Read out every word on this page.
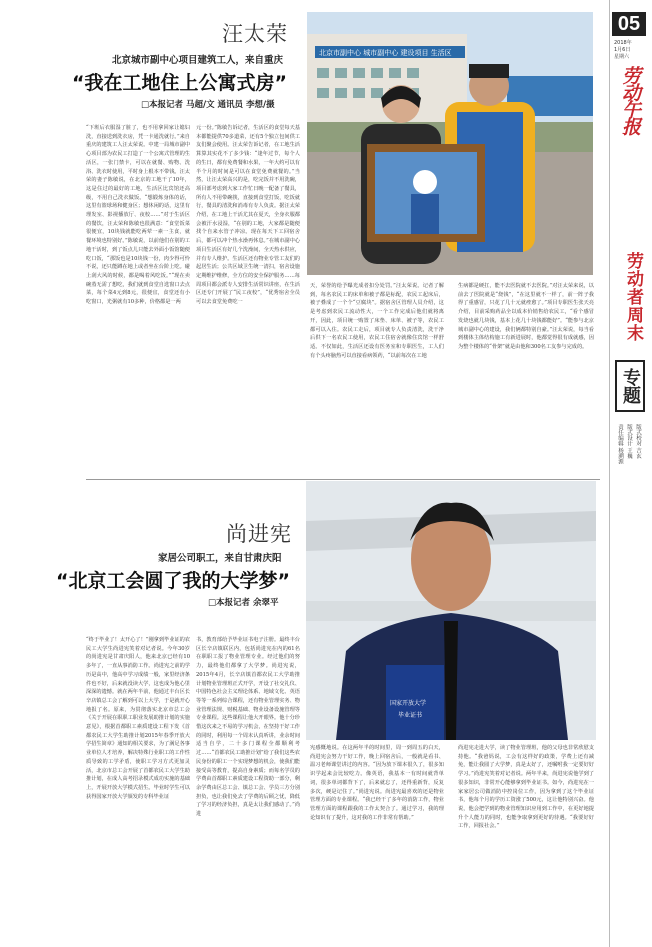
05
2018年
1月6日
星期六
劳动午报
劳动者周末
专题
责任编辑 杨溯源 版式设计 王巍 版式校对 吉玄
汪太荣
北京城市副中心项目建筑工人，来自重庆
“我在工地住上公寓式房”
□本报记者 马超/文 通讯员 李想/摄
北京市副中心 城市副中心 建设项目 生活区
“下班后衣服湿了脏了，也不用拿回家让媳妇洗，直接送到洗衣房，凭一卡通洗就行。”来自重庆的建筑工人汪太荣说。中建一局城市副中心项目部为农民工打造了一个公寓式管理的生活区，一张门禁卡，可以在就餐、购物、洗浴、洗衣时使用，平时身上根本不带钱。汪太荣的妻子陈敏说，在北京的工地干了10年，这是住过的最好的工地，生活区比宾馆还高级，不用自己洗衣做饭。“想锻炼身体的话，这里有篮球场和健身区；想休闲的话，这里有理发室、影视播放厅、夜校……”对于生活区的餐饮，汪太荣和陈敏也很满意：“食堂饭菜很便宜，10块钱就能吃两荤一素一主食，就餐环境也特别好。”陈敏说，以前他们在别的工地干活时，到了饭点儿只能去外面小饭馆随便吃口饭，“那饭也是10块钱一份，肉少得可怜不说，还只能蹲在地上或者坐在台阶上吃。碰上刮大风的时候，都是喝着风吃饭。”“现在卖碗蒸无需了想吃，我们就到食堂自选窗口去点菜，每个菜4元到8元，很便宜，食堂还有小吃窗口，光粥就有10多种，价格都是一两
元一份。”陈敏告诉记者，生活区的食堂每天基本都能提供70多道菜，还有5个独立包间供工友们聚会使用。汪太荣告诉记者，在工地生活算算其实花不了多少钱：“逢年过节，每个人的生日，都有免费餐和水果，一年大约可以有半个月的时间是可以在食堂免费就餐的。”当然，让汪太荣高兴的是，吃完饭并不用洗碗，项目部考虑到大家工作忙日晚一配备了餐具，所有人不用带碗筷，直接到食堂打饭，吃饭就行，餐具的清洗和消毒有专人负责。据汪太荣介绍，在工地上干活尤其在夏天，全身衣服都会被汗水浸湿，“在别的工地，大家都是随便找个自来水管子冲凉。现在每天下工回宿舍后，都可以冲个热水澡再休息。”在城市副中心项目生活区有好几个洗澡间，全天热水供应，并有专人维护。生活区还有物业专管工友们的起居生活；公共区域卫生统一清扫，宿舍设施定期维护维修，全方位的安全保护服务……每周项目都会派专人安排生活常识讲座，在生活区还专门开展了“民工夜校”，“优秀宿舍全员可以去食堂免费吃一
天，荣誉的给予曝光成者扣分处罚。”汪太荣说。记者了解到，每名农民工的床单和被子都是标配，农民工起床后，被子叠成了一个个“豆腐块”。据宿舍区管理人员介绍，这是考虑到农民工流动性大，一个工作完成后他们就将离开，因此，项目统一购置了床垫、床单、被子等，农民工都可以入住。农民工走后，项目就专人负责清洗，洗干净后供下一名农民工使用，农民工住宿舍就像住宾馆一样舒适。不仅如此，生活区还设有医务室和专职医生，工人们有个头疼脑热可以直接看病领药，“以前每次在工地
生病都是硬扛，能不去医院就不去医院。”对汪太荣来说，以前去了医院就是“烧钱”，“在这里就不一样了，前一阵子我得了重感冒，只花了几十元就痊愈了。”项目专职医生张天亮介绍，目前采购药品全以成本价销售给农民工，“看个感冒发烧也就几块钱，基本上花几十块钱都能好”。“能参与北京城市副中心的建设，我们俩都特别自豪。”汪太荣说，每当看到楼体主体结构施工有新进展时，他都觉得很有成就感，因为整个楼体的“骨架”就是由他和300名工友参与完成的。
国家开放大学
毕业证书
尚进宪
家居公司职工，来自甘肃庆阳
“北京工会圆了我的大学梦”
□本报记者 余翠平
“终于毕业了！太开心了！”刚拿到毕业证的农民工大学生尚进宪笑着对记者说。今年30岁的尚进宪是甘肃庆阳人，他来北京已经有10多年了，一直从事消防工作。尚进宪之前的学历是高中，他高中学习成绩一般，家里经济条件也不好，后来就没读大学，这也成为他心里深深的遗憾。就在两年半前，他通过丰台区长辛店镇总工会了解到可以上大学，于是就开心地报了名。原来，为贯彻落实北京市总工会《关于开展在职职工职业发展助推计划的实施意见》，根据首都职工素质建设工程下发《首都农民工大学生助推计划2015年春季开放大学招生简章》通知的相关要求，为了满足各事业单位人才培养，解决特殊行业职工的工作性质导致的工学矛盾，使职工学习方式更加灵活，北京市总工会开展了首都农民工大学生助推计划，在成人高考招录模式成功实施的基础上，开展开放大学模式招生。毕业时学生可以获得国家开放大学颁发的专科毕业证
书，教育部给予毕业证书电子注册。最终丰台区长辛店镇联区内，包括尚进宪在内的61名在职职工报了物业管理专业。经过他们的努力，最终他们都拿了大学梦。尚进宪说，2015年4月，长辛店镇首都农民工大学助推计划物业管理班正式开学，开设了社交礼仪、中国特色社会主义理论体系、地域文化、英语等等一系列综合课程，还有物业管理实务、物业管理法规、财税基础、物业设备设施管理等专业课程。这些课程让他大开眼界。他十分珍惜这次来之不易的学习机会，在坚持干好工作的同时，利用每一个周末认真听讲，业余时间适当自学，二十多门课程全都顺利考过……“首都农民工助推计划”给了我们这些农民身份的职工一个实现梦想的机会，使我们能接受高等教育，提高自身素质；而每名学员的学费由首都职工素质建设工程资助一部分，剩余学费由区总工会、镇总工会、学员三方分别担负，也让我们免去了学费的后顾之忧，降低了学习的经济负担，真是太让我们感动了。”尚进
宪感慨地说。在这两年半的时间里，周一到周五的白天，尚进宪会努力干好工作，晚上回宿舍后，一般就是看书、温习老师课堂讲过的内容。“因为放下课本很久了，很多知识学起来会比较吃力。像英语，我基本一有时间就背单词，很多单词都背下了，后来就忘了，还得重新背，反复多次，硬是记住了。”尚进宪说。尚进宪最喜欢的还是物业管理方面的专业课程。“我已经干了多年的消防工作，物业管理方面的课程跟我的工作太契合了。通过学习，我的理论知识有了提升，这对我的工作非常有帮助。”
尚进宪走进大学，读了物业管理班，他的父母也非常欣慰支持他。“我爸妈说，工会有这样好的政策，学费上还有减免，能让我圆了大学梦，真是太好了，还嘱咐我一定要好好学习。”尚进宪笑着对记者说。两年半来，尚进宪说他学到了很多知识，非常开心能够拿到毕业证书。如今，尚进宪在一家家居公司做消防中控岗位工作，因为拿到了这个毕业证书，他每个月的学历工资涨了500元，这让他特别兴奋。他说，他会把学到的物业管理知识应用到工作中，在更好地提升个人能力的同时，也能争取拿到更好的待遇。“我要好好工作，回报社会。”
